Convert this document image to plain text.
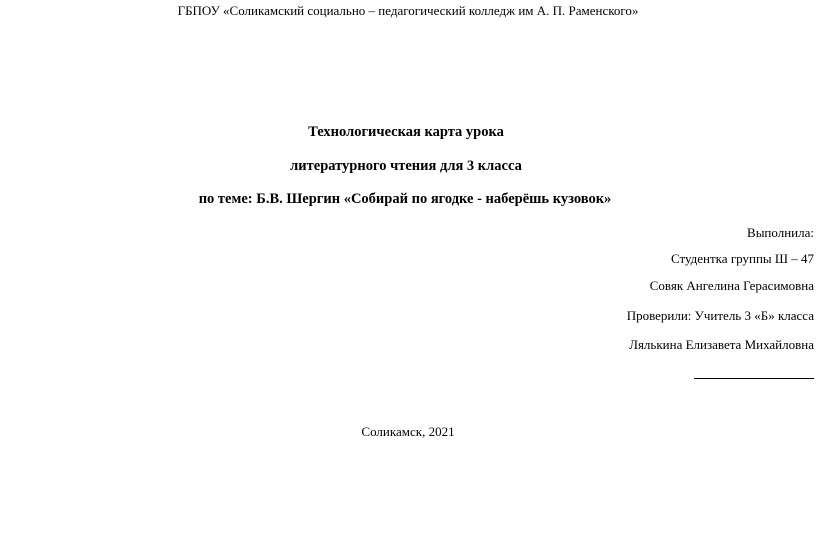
ГБПОУ «Соликамский социально – педагогический колледж им А. П. Раменского»
Технологическая карта урока
литературного чтения для 3 класса
по теме: Б.В. Шергин «Собирай по ягодке - наберёшь кузовок»
Выполнила:
Студентка группы Ш – 47
Совяк Ангелина Герасимовна
Проверили: Учитель 3 «Б» класса
Лялькина Елизавета Михайловна
Соликамск, 2021
